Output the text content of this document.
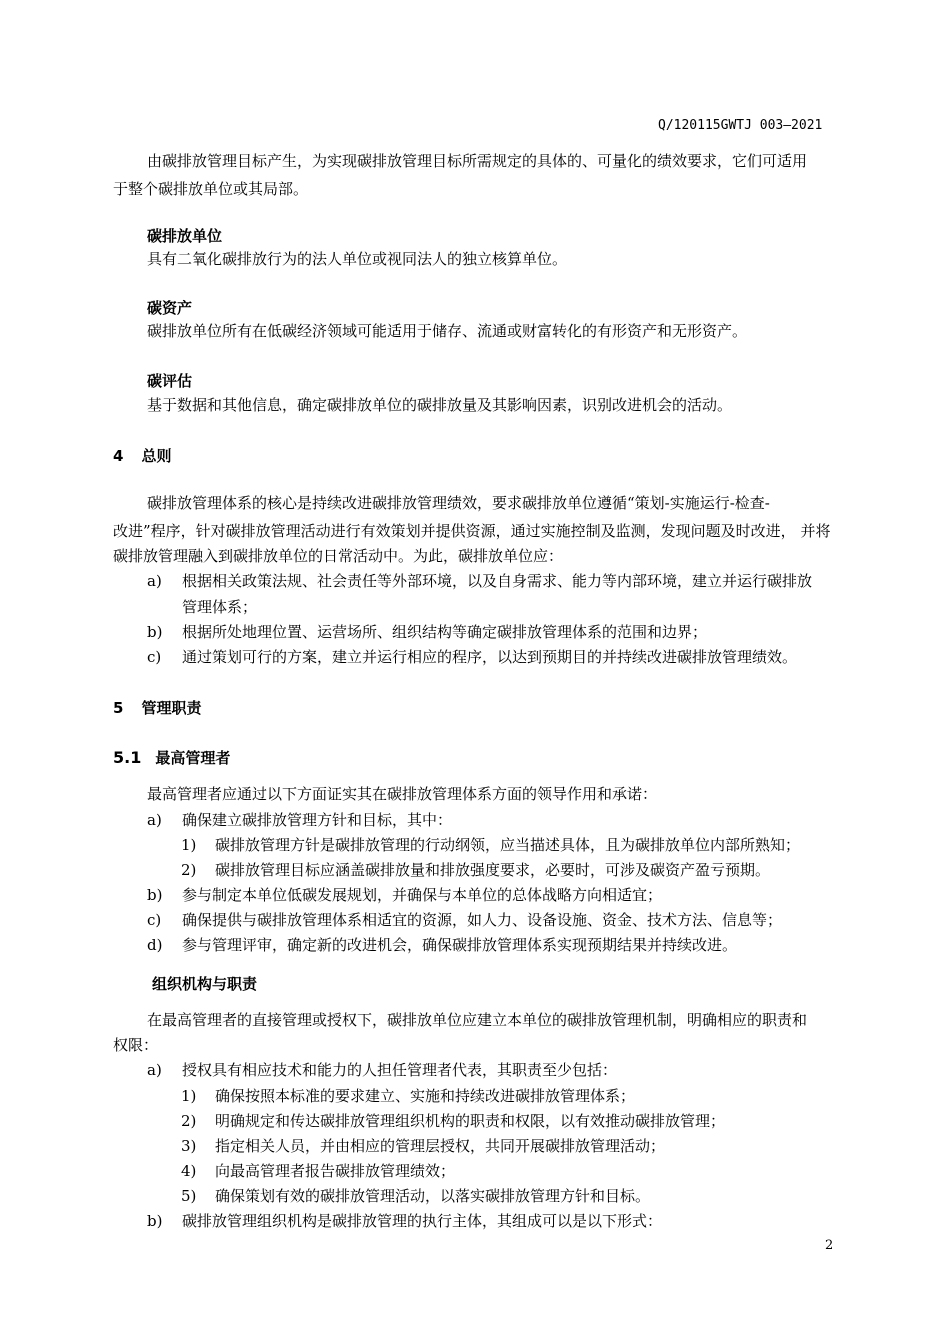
Q/120115GWTJ 003—2021
由碳排放管理目标产生，为实现碳排放管理目标所需规定的具体的、可量化的绩效要求，它们可适用
于整个碳排放单位或其局部。
碳排放单位
具有二氧化碳排放行为的法人单位或视同法人的独立核算单位。
碳资产
碳排放单位所有在低碳经济领域可能适用于储存、流通或财富转化的有形资产和无形资产。
碳评估
基于数据和其他信息，确定碳排放单位的碳排放量及其影响因素，识别改进机会的活动。
4 总则
碳排放管理体系的核心是持续改进碳排放管理绩效，要求碳排放单位遵循“策划-实施运行-检查-
改进”程序，针对碳排放管理活动进行有效策划并提供资源，通过实施控制及监测，发现问题及时改进， 并将
碳排放管理融入到碳排放单位的日常活动中。为此，碳排放单位应：
a) 根据相关政策法规、社会责任等外部环境，以及自身需求、能力等内部环境，建立并运行碳排放
管理体系；
b) 根据所处地理位置、运营场所、组织结构等确定碳排放管理体系的范围和边界；
c) 通过策划可行的方案，建立并运行相应的程序，以达到预期目的并持续改进碳排放管理绩效。
5 管理职责
5.1 最高管理者
最高管理者应通过以下方面证实其在碳排放管理体系方面的领导作用和承诺：
a) 确保建立碳排放管理方针和目标，其中：
1) 碳排放管理方针是碳排放管理的行动纲领，应当描述具体，且为碳排放单位内部所熟知；
2) 碳排放管理目标应涵盖碳排放量和排放强度要求，必要时，可涉及碳资产盈亏预期。
b) 参与制定本单位低碳发展规划，并确保与本单位的总体战略方向相适宜；
c) 确保提供与碳排放管理体系相适宜的资源，如人力、设备设施、资金、技术方法、信息等；
d) 参与管理评审，确定新的改进机会，确保碳排放管理体系实现预期结果并持续改进。
组织机构与职责
在最高管理者的直接管理或授权下，碳排放单位应建立本单位的碳排放管理机制，明确相应的职责和
权限：
a) 授权具有相应技术和能力的人担任管理者代表，其职责至少包括：
1) 确保按照本标准的要求建立、实施和持续改进碳排放管理体系；
2) 明确规定和传达碳排放管理组织机构的职责和权限，以有效推动碳排放管理；
3) 指定相关人员，并由相应的管理层授权，共同开展碳排放管理活动；
4) 向最高管理者报告碳排放管理绩效；
5) 确保策划有效的碳排放管理活动，以落实碳排放管理方针和目标。
b) 碳排放管理组织机构是碳排放管理的执行主体，其组成可以是以下形式：
2
